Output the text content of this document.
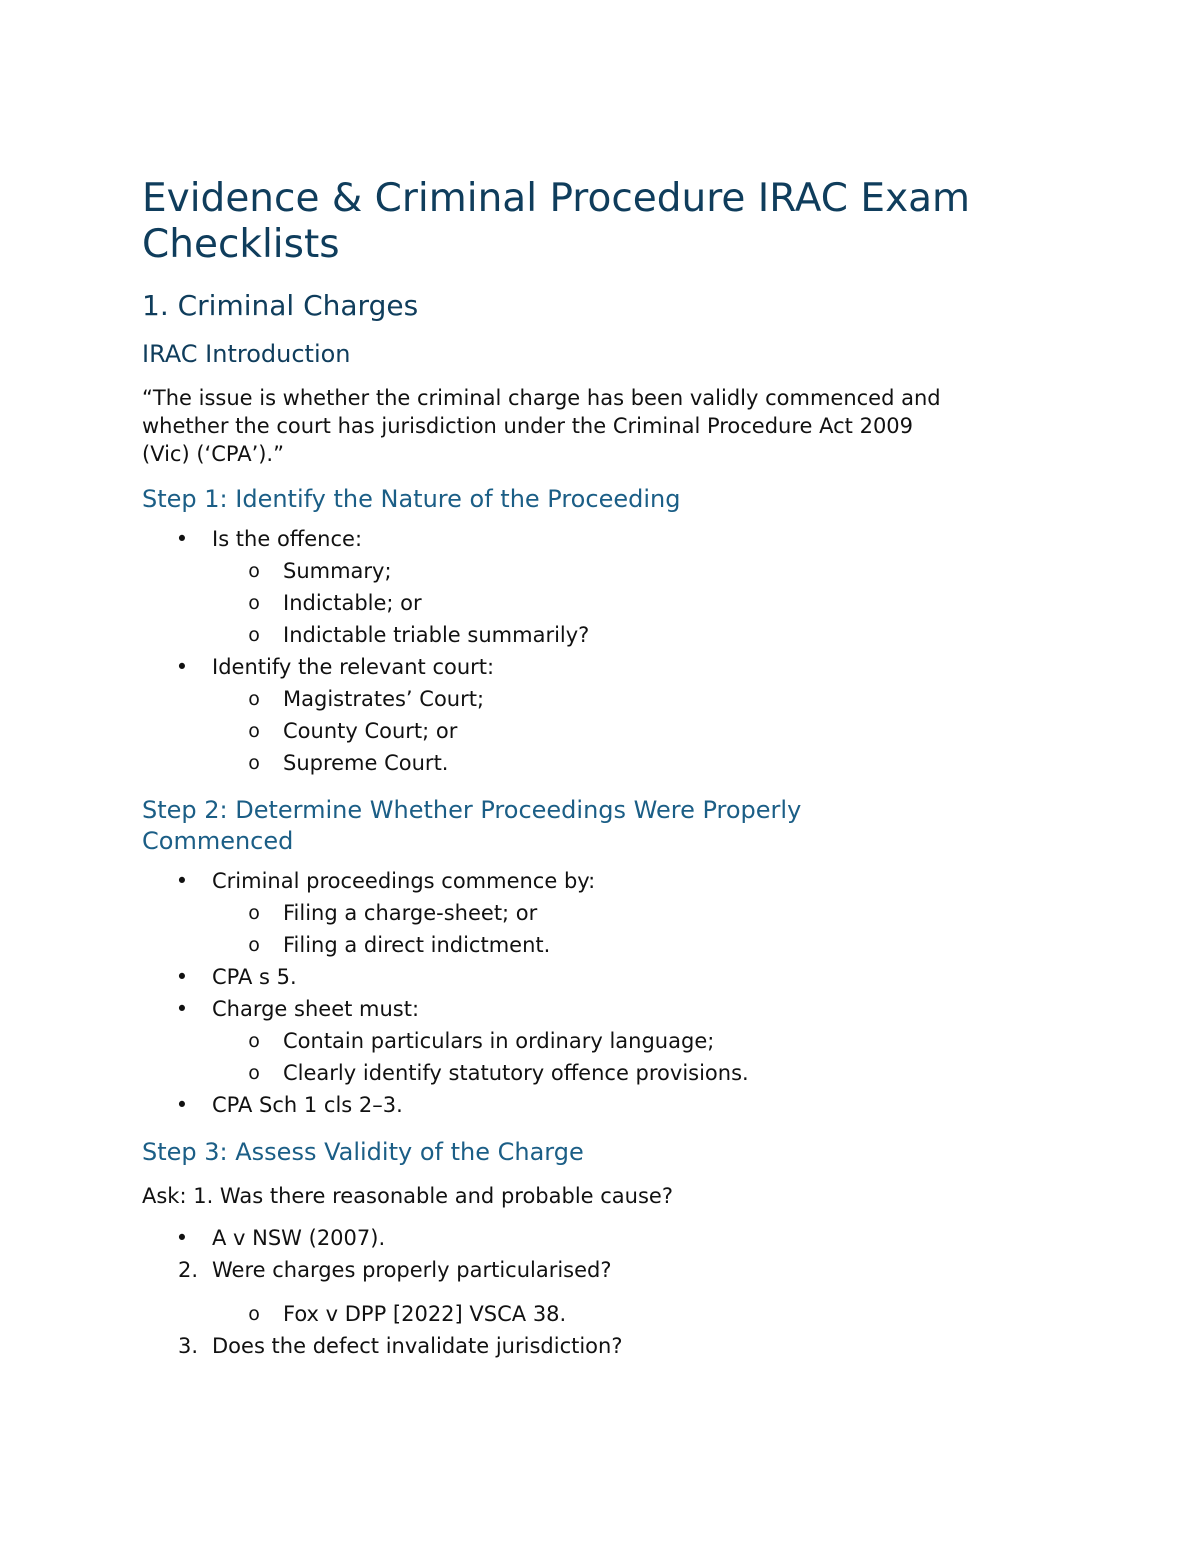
Evidence & Criminal Procedure IRAC Exam
Checklists
1. Criminal Charges
IRAC Introduction

“The issue is whether the criminal charge has been validly commenced and
whether the court has jurisdiction under the Criminal Procedure Act 2009
(Vic) (‘CPA’).”

Step 1: Identify the Nature of the Proceeding
• Is the offence:
o Summary;
o Indictable; or
o Indictable triable summarily?
• Identify the relevant court:
o Magistrates’ Court;
o County Court; or
o Supreme Court.
Step 2: Determine Whether Proceedings Were Properly
Commenced
• Criminal proceedings commence by:
o Filing a charge-sheet; or
o Filing a direct indictment.
• CPA s 5.
• Charge sheet must:
o Contain particulars in ordinary language;
o Clearly identify statutory offence provisions.
• CPA Sch 1 cls 2–3.
Step 3: Assess Validity of the Charge

Ask: 1. Was there reasonable and probable cause?

• A v NSW (2007).
2. Were charges properly particularised?
o Fox v DPP [2022] VSCA 38.
3. Does the defect invalidate jurisdiction?
